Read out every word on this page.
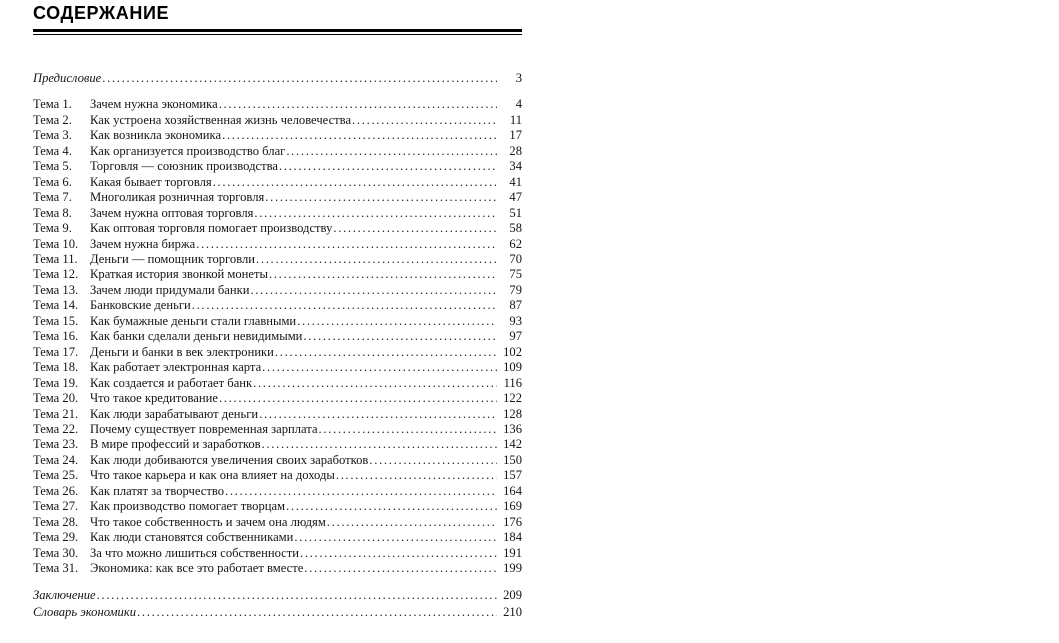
СОДЕРЖАНИЕ
Предисловие .....	3
Тема 1.	Зачем нужна экономика .....	4
Тема 2.	Как устроена хозяйственная жизнь человечества .....	11
Тема 3.	Как возникла экономика .....	17
Тема 4.	Как организуется производство благ .....	28
Тема 5.	Торговля — союзник производства .....	34
Тема 6.	Какая бывает торговля .....	41
Тема 7.	Многоликая розничная торговля .....	47
Тема 8.	Зачем нужна оптовая торговля .....	51
Тема 9.	Как оптовая торговля помогает производству .....	58
Тема 10. Зачем нужна биржа .....	62
Тема 11. Деньги — помощник торговли .....	70
Тема 12. Краткая история звонкой монеты .....	75
Тема 13. Зачем люди придумали банки .....	79
Тема 14. Банковские деньги .....	87
Тема 15. Как бумажные деньги стали главными .....	93
Тема 16. Как банки сделали деньги невидимыми .....	97
Тема 17. Деньги и банки в век электроники .....	102
Тема 18. Как работает электронная карта .....	109
Тема 19. Как создается и работает банк .....	116
Тема 20. Что такое кредитование .....	122
Тема 21. Как люди зарабатывают деньги .....	128
Тема 22. Почему существует повременная зарплата .....	136
Тема 23. В мире профессий и заработков .....	142
Тема 24. Как люди добиваются увеличения своих заработков .....	150
Тема 25. Что такое карьера и как она влияет на доходы .....	157
Тема 26. Как платят за творчество .....	164
Тема 27. Как производство помогает творцам .....	169
Тема 28. Что такое собственность и зачем она людям .....	176
Тема 29. Как люди становятся собственниками .....	184
Тема 30. За что можно лишиться собственности .....	191
Тема 31. Экономика: как все это работает вместе .....	199
Заключение .....	209
Словарь экономики .....	210
